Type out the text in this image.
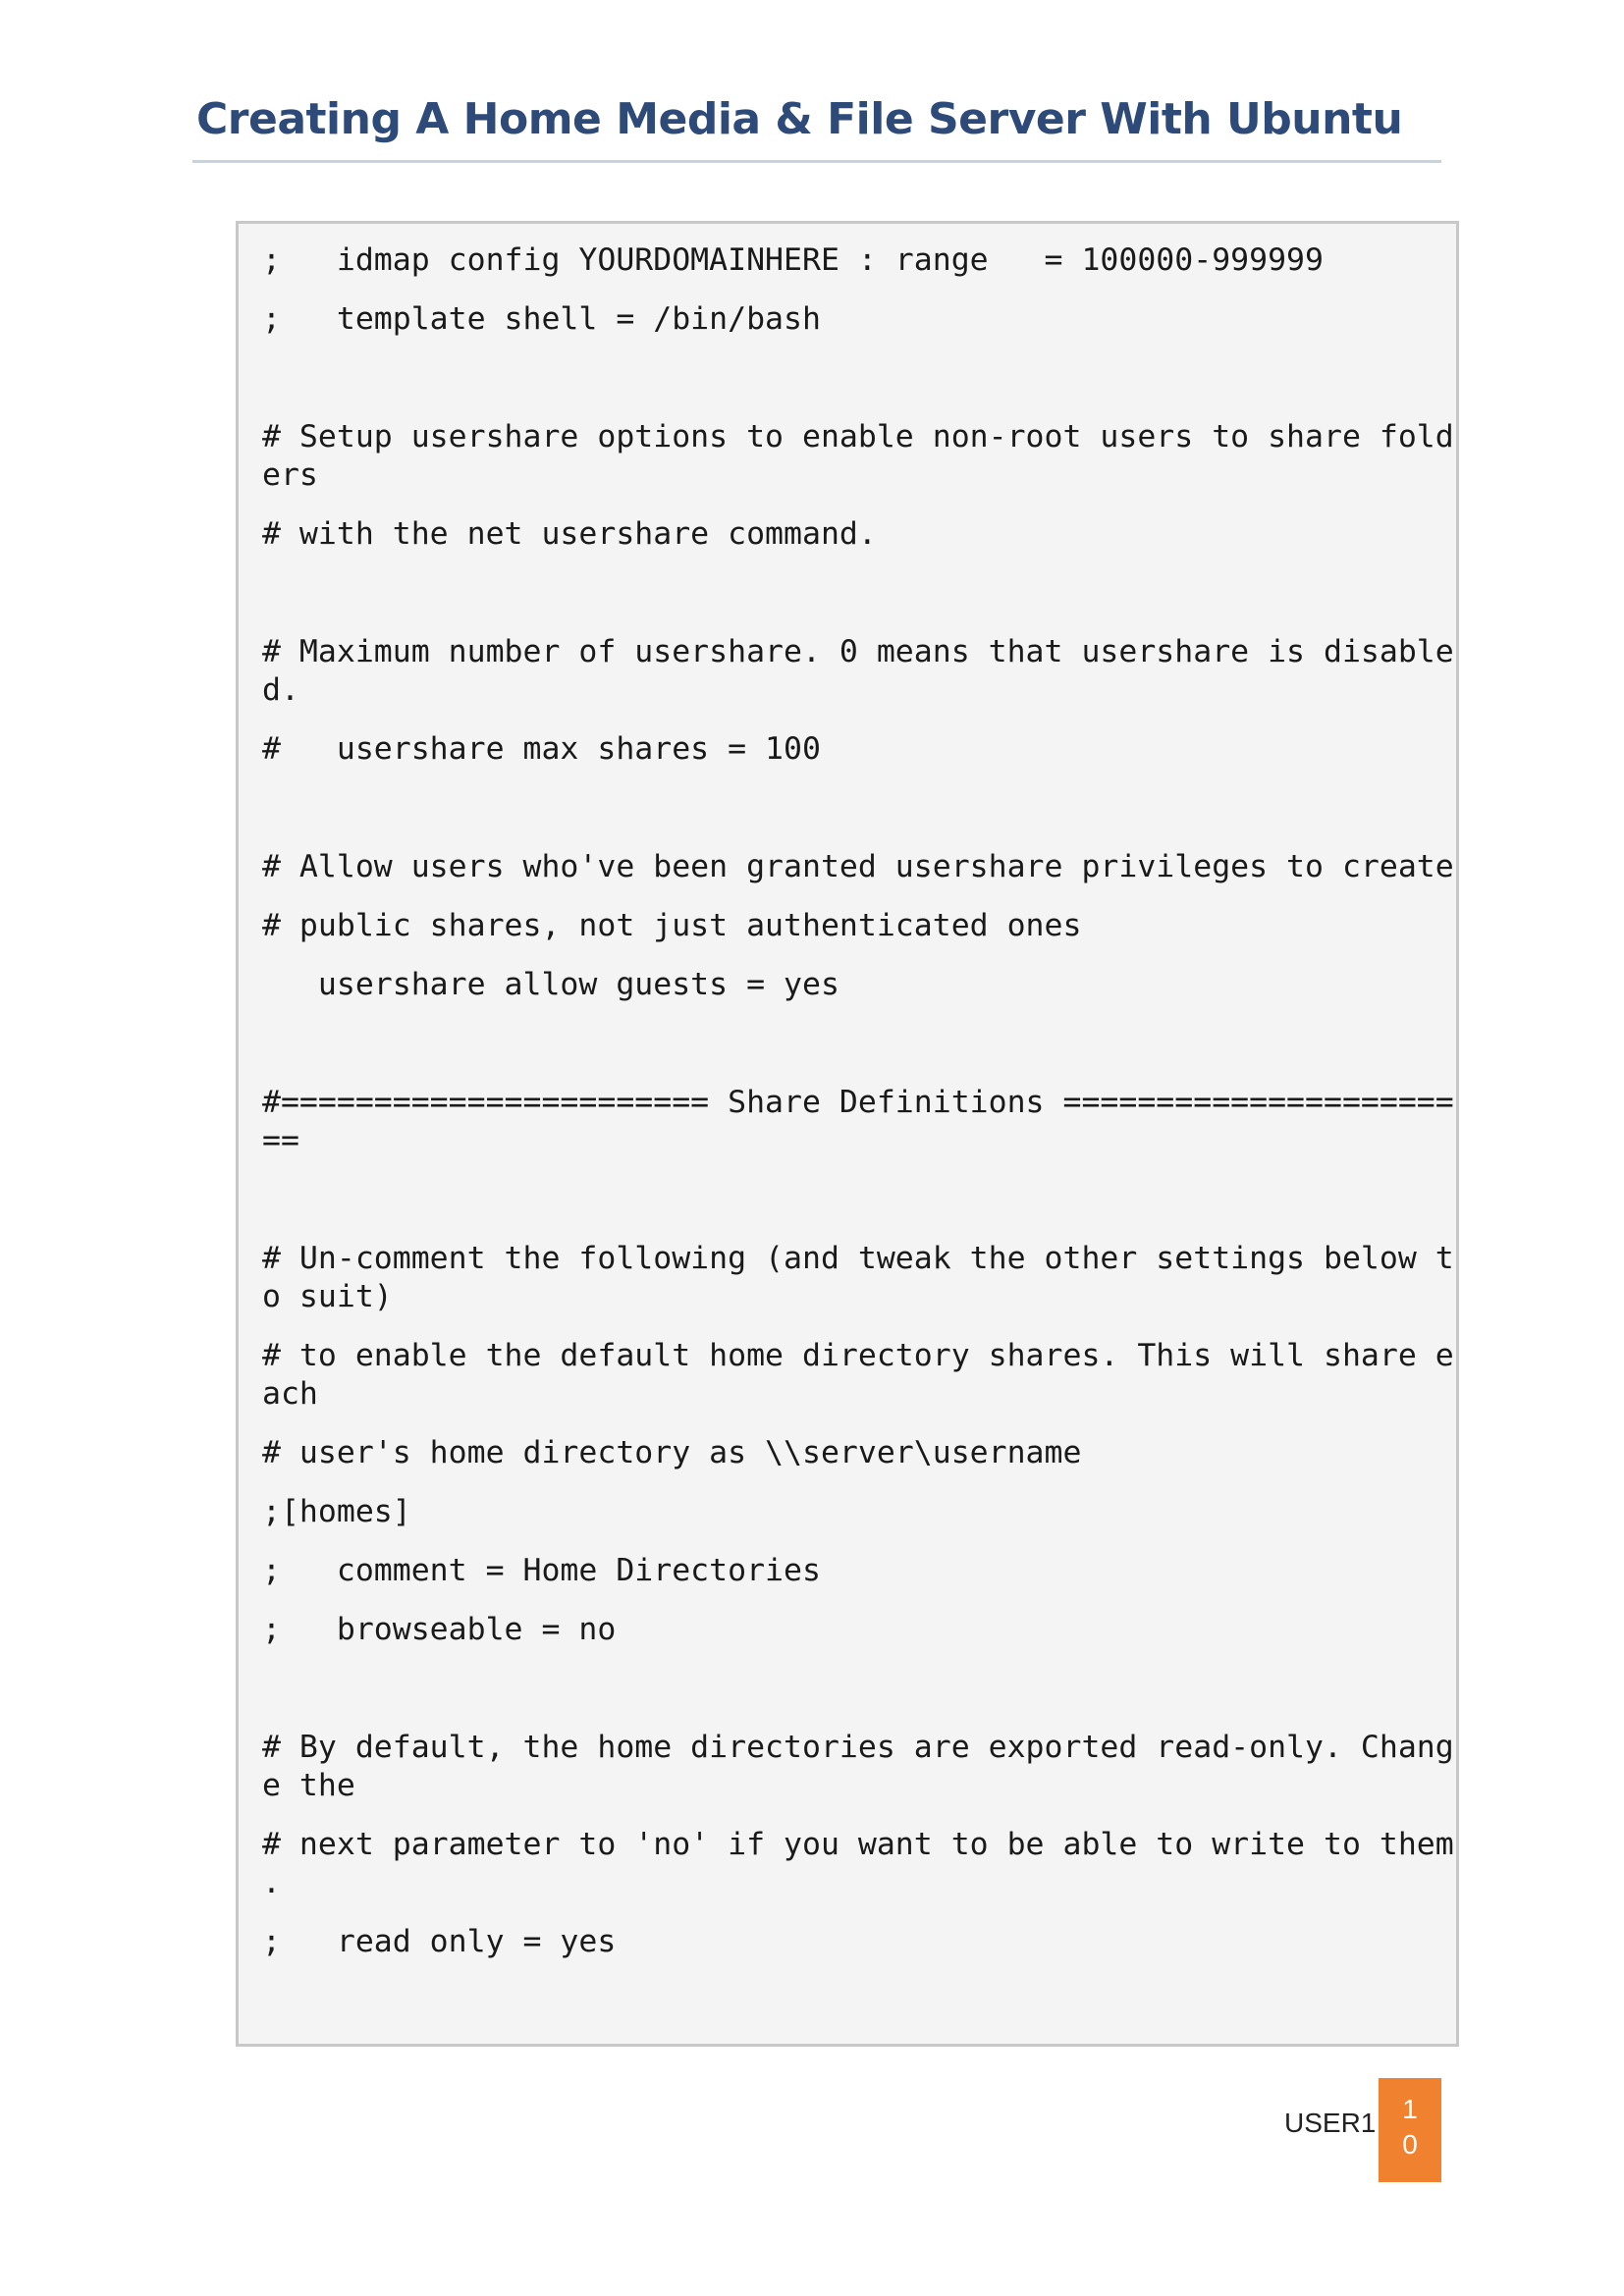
Creating A Home Media & File Server With Ubuntu
;   idmap config YOURDOMAINHERE : range   = 100000-999999
;   template shell = /bin/bash
# Setup usershare options to enable non-root users to share fold
ers
# with the net usershare command.
# Maximum number of usershare. 0 means that usershare is disable
d.
#   usershare max shares = 100
# Allow users who've been granted usershare privileges to create
# public shares, not just authenticated ones
usershare allow guests = yes
#======================= Share Definitions =====================
==
# Un-comment the following (and tweak the other settings below t
o suit)
# to enable the default home directory shares. This will share e
ach
# user's home directory as \\server\username
;[homes]
;   comment = Home Directories
;   browseable = no
# By default, the home directories are exported read-only. Chang
e the
# next parameter to 'no' if you want to be able to write to them
.
;   read only = yes
USER1 1
0
